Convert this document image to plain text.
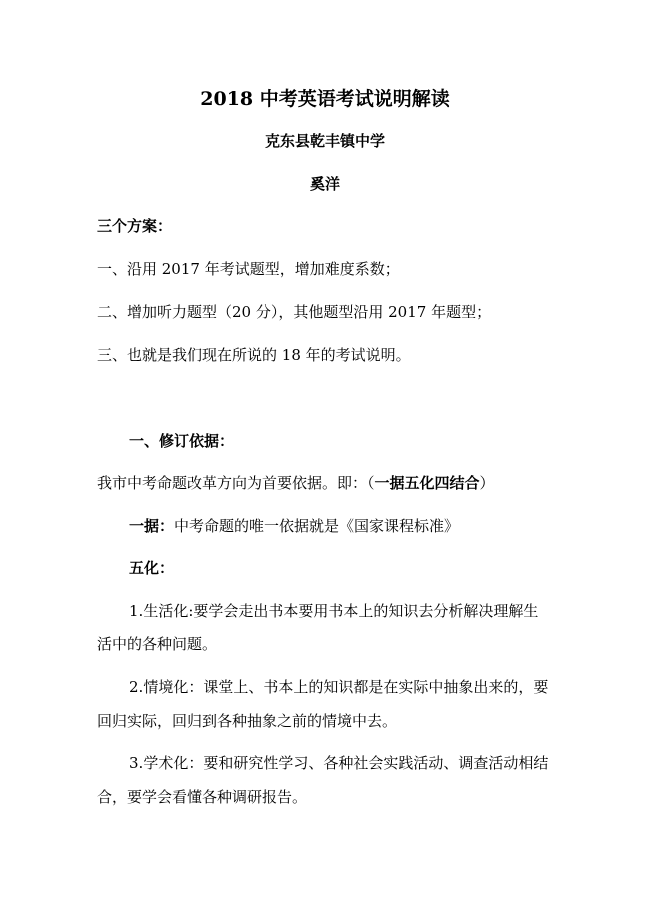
2018 中考英语考试说明解读
克东县乾丰镇中学
奚洋
三个方案：
一、沿用 2017 年考试题型，增加难度系数；
二、增加听力题型（20 分），其他题型沿用 2017 年题型；
三、也就是我们现在所说的 18 年的考试说明。
一、修订依据：
我市中考命题改革方向为首要依据。即：（一据五化四结合）
一据：中考命题的唯一依据就是《国家课程标准》
五化：
1.生活化:要学会走出书本要用书本上的知识去分析解决理解生
活中的各种问题。
2.情境化：课堂上、书本上的知识都是在实际中抽象出来的，要
回归实际，回归到各种抽象之前的情境中去。
3.学术化：要和研究性学习、各种社会实践活动、调查活动相结
合，要学会看懂各种调研报告。
